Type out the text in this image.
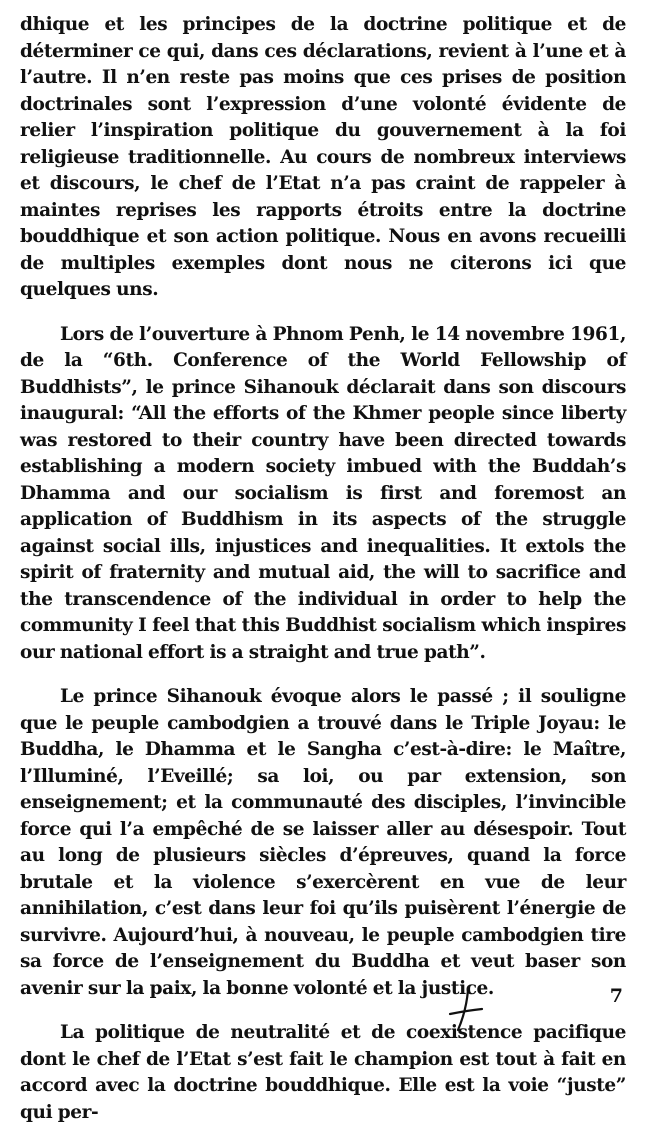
dhique et les principes de la doctrine politique et de déterminer ce qui, dans ces déclarations, revient à l’une et à l’autre. Il n’en reste pas moins que ces prises de position doctrinales sont l’expression d’une volonté évidente de relier l’inspiration politique du gouvernement à la foi religieuse traditionnelle. Au cours de nombreux interviews et discours, le chef de l’Etat n’a pas craint de rappeler à maintes reprises les rapports étroits entre la doctrine bouddhique et son action politique. Nous en avons recueilli de multiples exemples dont nous ne citerons ici que quelques uns.

Lors de l’ouverture à Phnom Penh, le 14 novembre 1961, de la “6th. Conference of the World Fellowship of Buddhists”, le prince Sihanouk déclarait dans son discours inaugural: “All the efforts of the Khmer people since liberty was restored to their country have been directed towards establishing a modern society imbued with the Buddah’s Dhamma and our socialism is first and foremost an application of Buddhism in its aspects of the struggle against social ills, injustices and inequalities. It extols the spirit of fraternity and mutual aid, the will to sacrifice and the transcendence of the individual in order to help the community I feel that this Buddhist socialism which inspires our national effort is a straight and true path”.

Le prince Sihanouk évoque alors le passé ; il souligne que le peuple cambodgien a trouvé dans le Triple Joyau: le Buddha, le Dhamma et le Sangha c’est-à-dire: le Maître, l’Illuminé, l’Eveillé; sa loi, ou par extension, son enseignement; et la communauté des disciples, l’invincible force qui l’a empêché de se laisser aller au désespoir. Tout au long de plusieurs siècles d’épreuves, quand la force brutale et la violence s’exercèrent en vue de leur annihilation, c’est dans leur foi qu’ils puisèrent l’énergie de survivre. Aujourd’hui, à nouveau, le peuple cambodgien tire sa force de l’enseignement du Buddha et veut baser son avenir sur la paix, la bonne volonté et la justice.

La politique de neutralité et de coexistence pacifique dont le chef de l’Etat s’est fait le champion est tout à fait en accord avec la doctrine bouddhique. Elle est la voie “juste” qui per-

7
